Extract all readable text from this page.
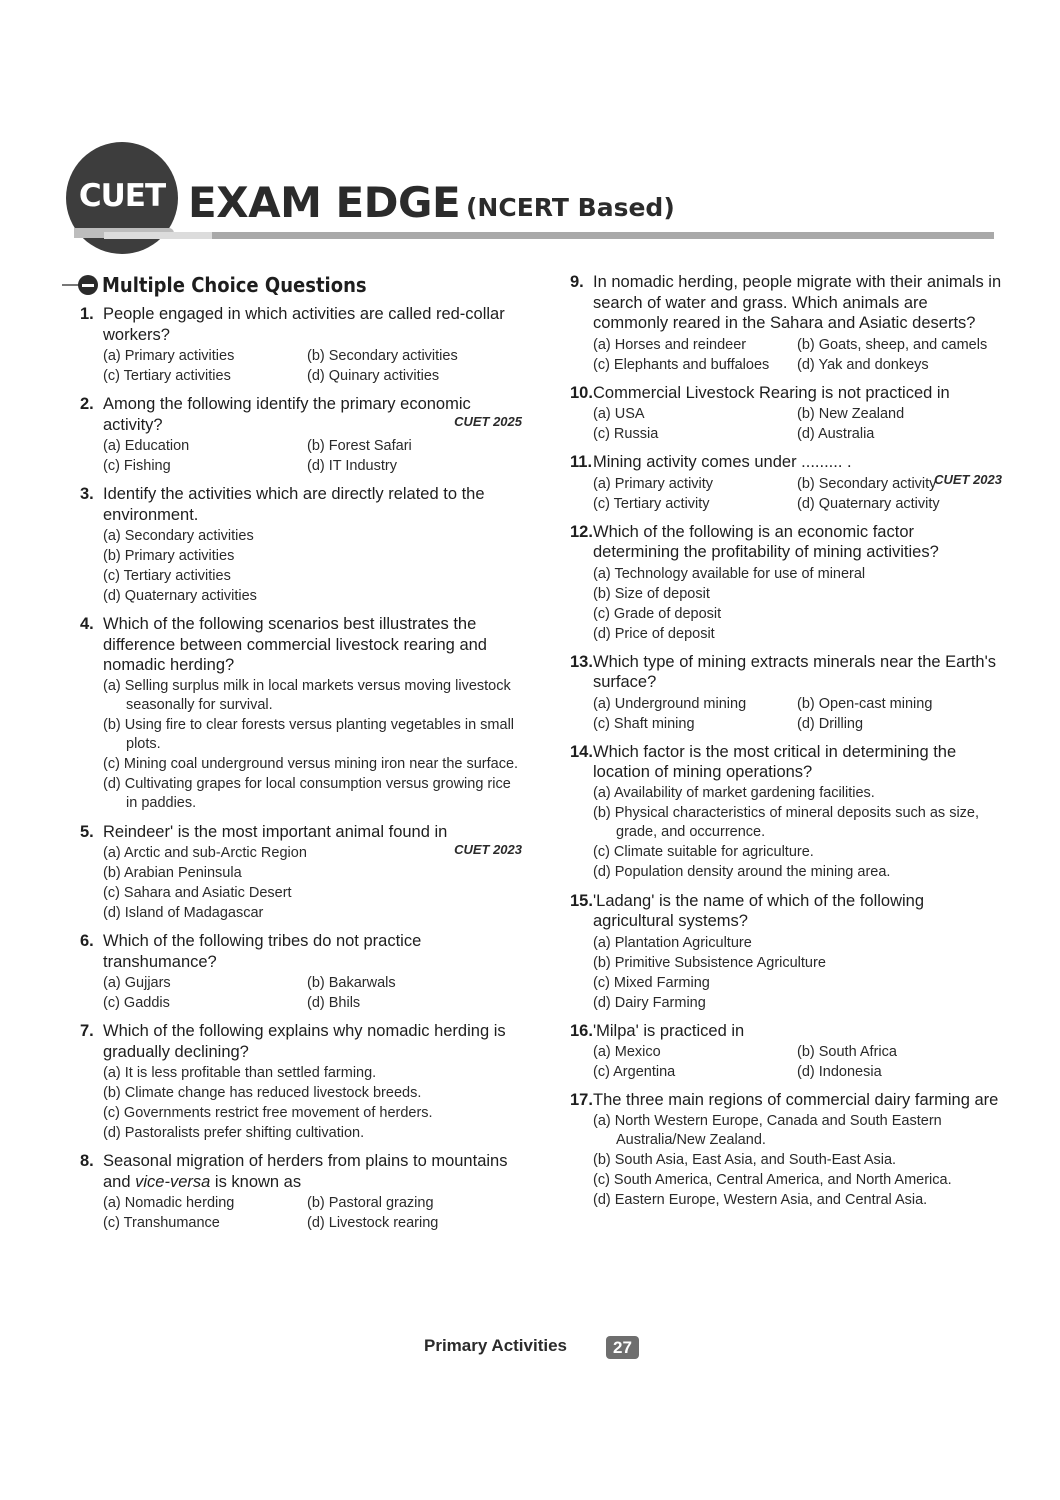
CUET EXAM EDGE (NCERT Based)
Multiple Choice Questions
1. People engaged in which activities are called red-collar workers?
(a) Primary activities	(b) Secondary activities
(c) Tertiary activities	(d) Quinary activities
2. Among the following identify the primary economic activity?	CUET 2025
(a) Education	(b) Forest Safari
(c) Fishing	(d) IT Industry
3. Identify the activities which are directly related to the environment.
(a) Secondary activities
(b) Primary activities
(c) Tertiary activities
(d) Quaternary activities
4. Which of the following scenarios best illustrates the difference between commercial livestock rearing and nomadic herding?
(a) Selling surplus milk in local markets versus moving livestock seasonally for survival.
(b) Using fire to clear forests versus planting vegetables in small plots.
(c) Mining coal underground versus mining iron near the surface.
(d) Cultivating grapes for local consumption versus growing rice in paddies.
5. Reindeer' is the most important animal found in
CUET 2023
(a) Arctic and sub-Arctic Region
(b) Arabian Peninsula
(c) Sahara and Asiatic Desert
(d) Island of Madagascar
6. Which of the following tribes do not practice transhumance?
(a) Gujjars	(b) Bakarwals
(c) Gaddis	(d) Bhils
7. Which of the following explains why nomadic herding is gradually declining?
(a) It is less profitable than settled farming.
(b) Climate change has reduced livestock breeds.
(c) Governments restrict free movement of herders.
(d) Pastoralists prefer shifting cultivation.
8. Seasonal migration of herders from plains to mountains and vice-versa is known as
(a) Nomadic herding	(b) Pastoral grazing
(c) Transhumance	(d) Livestock rearing
9. In nomadic herding, people migrate with their animals in search of water and grass. Which animals are commonly reared in the Sahara and Asiatic deserts?
(a) Horses and reindeer	(b) Goats, sheep, and camels
(c) Elephants and buffaloes	(d) Yak and donkeys
10. Commercial Livestock Rearing is not practiced in
(a) USA	(b) New Zealand
(c) Russia	(d) Australia
11. Mining activity comes under ......... .
CUET 2023
(a) Primary activity	(b) Secondary activity
(c) Tertiary activity	(d) Quaternary activity
12. Which of the following is an economic factor determining the profitability of mining activities?
(a) Technology available for use of mineral
(b) Size of deposit
(c) Grade of deposit
(d) Price of deposit
13. Which type of mining extracts minerals near the Earth's surface?
(a) Underground mining	(b) Open-cast mining
(c) Shaft mining	(d) Drilling
14. Which factor is the most critical in determining the location of mining operations?
(a) Availability of market gardening facilities.
(b) Physical characteristics of mineral deposits such as size, grade, and occurrence.
(c) Climate suitable for agriculture.
(d) Population density around the mining area.
15. 'Ladang' is the name of which of the following agricultural systems?
(a) Plantation Agriculture
(b) Primitive Subsistence Agriculture
(c) Mixed Farming
(d) Dairy Farming
16. 'Milpa' is practiced in
(a) Mexico	(b) South Africa
(c) Argentina	(d) Indonesia
17. The three main regions of commercial dairy farming are
(a) North Western Europe, Canada and South Eastern Australia/New Zealand.
(b) South Asia, East Asia, and South-East Asia.
(c) South America, Central America, and North America.
(d) Eastern Europe, Western Asia, and Central Asia.
Primary Activities	27
